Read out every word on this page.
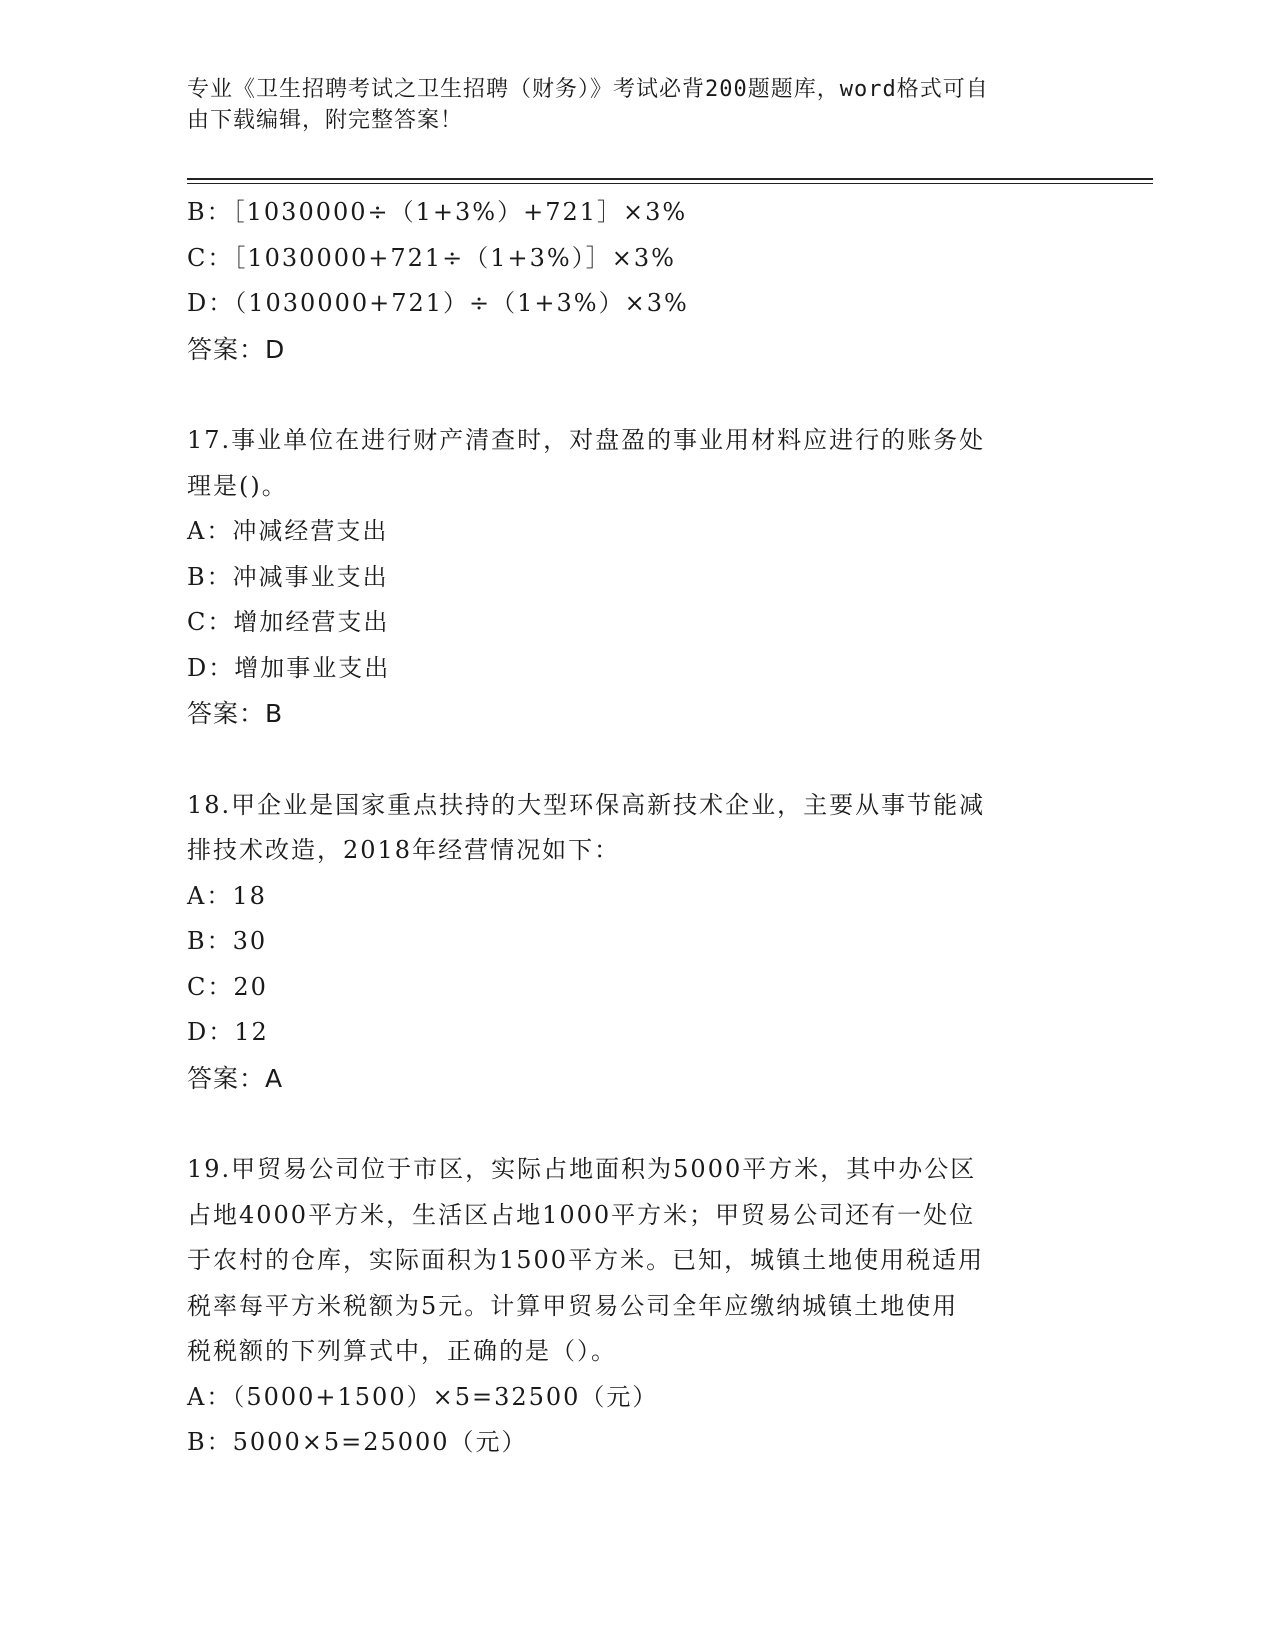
专业《卫生招聘考试之卫生招聘（财务）》考试必背200题题库，word格式可自
由下载编辑，附完整答案！
B：［1030000÷（1+3%）+721］×3%
C：［1030000+721÷（1+3%）］×3%
D：（1030000+721）÷（1+3%）×3%
答案：D
17.事业单位在进行财产清查时，对盘盈的事业用材料应进行的账务处
理是()。
A：冲减经营支出
B：冲减事业支出
C：增加经营支出
D：增加事业支出
答案：B
18.甲企业是国家重点扶持的大型环保高新技术企业，主要从事节能减
排技术改造，2018年经营情况如下：
A：18
B：30
C：20
D：12
答案：A
19.甲贸易公司位于市区，实际占地面积为5000平方米，其中办公区
占地4000平方米，生活区占地1000平方米；甲贸易公司还有一处位
于农村的仓库，实际面积为1500平方米。已知，城镇土地使用税适用
税率每平方米税额为5元。计算甲贸易公司全年应缴纳城镇土地使用
税税额的下列算式中，正确的是（）。
A：（5000+1500）×5=32500（元）
B：5000×5=25000（元）
